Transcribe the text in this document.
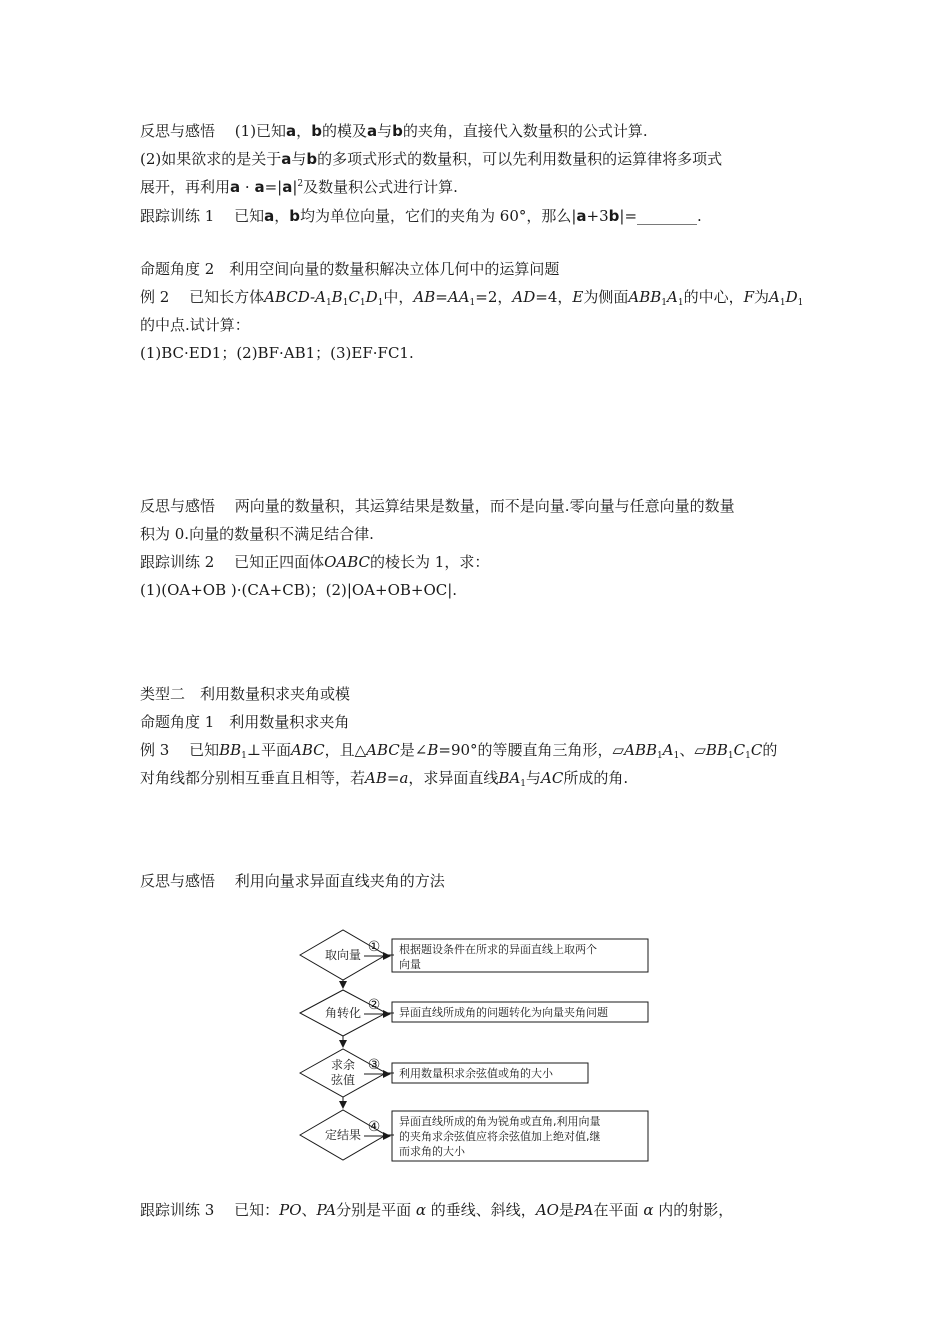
反思与感悟　 (1)已知a，b的模及a与b的夹角，直接代入数量积的公式计算.
(2)如果欲求的是关于a与b的多项式形式的数量积，可以先利用数量积的运算律将多项式
展开，再利用$a \cdot a=|a|^2$及数量积公式进行计算.
跟踪训练 1　 已知a，b均为单位向量，它们的夹角为 60°，那么|a+3b|=________.
命题角度 2　利用空间向量的数量积解决立体几何中的运算问题
例 2　 已知长方体ABCD-$A_1B_1C_1D_1$中，$AB=AA_1=2$，AD=4，E为侧面$ABB_1A_1$的中心，F为$A_1D_1$
的中点.试计算：
(1)BC·ED1；(2)BF·AB1；(3)EF·FC1.
反思与感悟　 两向量的数量积，其运算结果是数量，而不是向量.零向量与任意向量的数量
积为 0.向量的数量积不满足结合律.
跟踪训练 2　 已知正四面体OABC的棱长为 1，求：
(1)(OA+OB )·(CA+CB)；(2)|OA+OB+OC|.
类型二　利用数量积求夹角或模
命题角度 1　利用数量积求夹角
例 3　 已知$BB_1\perp$平面ABC，且△ABC是∠B=90°的等腰直角三角形，$▱ABB_1A_1$、$▱BB_1C_1C$的
对角线都分别相互垂直且相等，若AB=a，求异面直线$BA_1$与AC所成的角.
反思与感悟　 利用向量求异面直线夹角的方法
取向量
角转化
求余
弦值
定结果
①
②
③
④
根据题设条件在所求的异面直线上取两个
向量
异面直线所成角的问题转化为向量夹角问题
利用数量积求余弦值或角的大小
异面直线所成的角为锐角或直角,利用向量
的夹角求余弦值应将余弦值加上绝对值,继
而求角的大小
跟踪训练 3　 已知：PO、PA分别是平面 α 的垂线、斜线，AO是PA在平面 α 内的射影，
